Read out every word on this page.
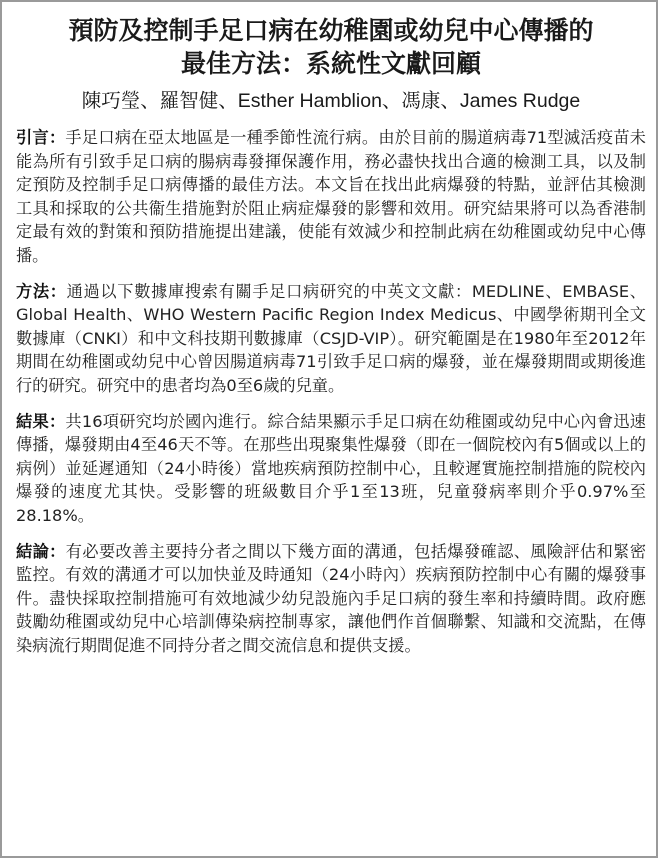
預防及控制手足口病在幼稚園或幼兒中心傳播的
最佳方法：系統性文獻回顧
陳巧瑩、羅智健、Esther Hamblion、馮康、James Rudge
引言：手足口病在亞太地區是一種季節性流行病。由於目前的腸道病毒71型滅活疫苗未能為所有引致手足口病的腸病毒發揮保護作用，務必盡快找出合適的檢測工具，以及制定預防及控制手足口病傳播的最佳方法。本文旨在找出此病爆發的特點，並評估其檢測工具和採取的公共衞生措施對於阻止病症爆發的影響和效用。研究結果將可以為香港制定最有效的對策和預防措施提出建議，使能有效減少和控制此病在幼稚園或幼兒中心傳播。
方法：通過以下數據庫搜索有關手足口病研究的中英文文獻：MEDLINE、EMBASE、Global Health、WHO Western Pacific Region Index Medicus、中國學術期刊全文數據庫（CNKI）和中文科技期刊數據庫（CSJD-VIP）。研究範圍是在1980年至2012年期間在幼稚園或幼兒中心曾因腸道病毒71引致手足口病的爆發，並在爆發期間或期後進行的研究。研究中的患者均為0至6歲的兒童。
結果：共16項研究均於國內進行。綜合結果顯示手足口病在幼稚園或幼兒中心內會迅速傳播，爆發期由4至46天不等。在那些出現聚集性爆發（即在一個院校內有5個或以上的病例）並延遲通知（24小時後）當地疾病預防控制中心，且較遲實施控制措施的院校內爆發的速度尤其快。受影響的班級數目介乎1至13班，兒童發病率則介乎0.97%至28.18%。
結論：有必要改善主要持分者之間以下幾方面的溝通，包括爆發確認、風險評估和緊密監控。有效的溝通才可以加快並及時通知（24小時內）疾病預防控制中心有關的爆發事件。盡快採取控制措施可有效地減少幼兒設施內手足口病的發生率和持續時間。政府應鼓勵幼稚園或幼兒中心培訓傳染病控制專家，讓他們作首個聯繫、知識和交流點，在傳染病流行期間促進不同持分者之間交流信息和提供支援。
